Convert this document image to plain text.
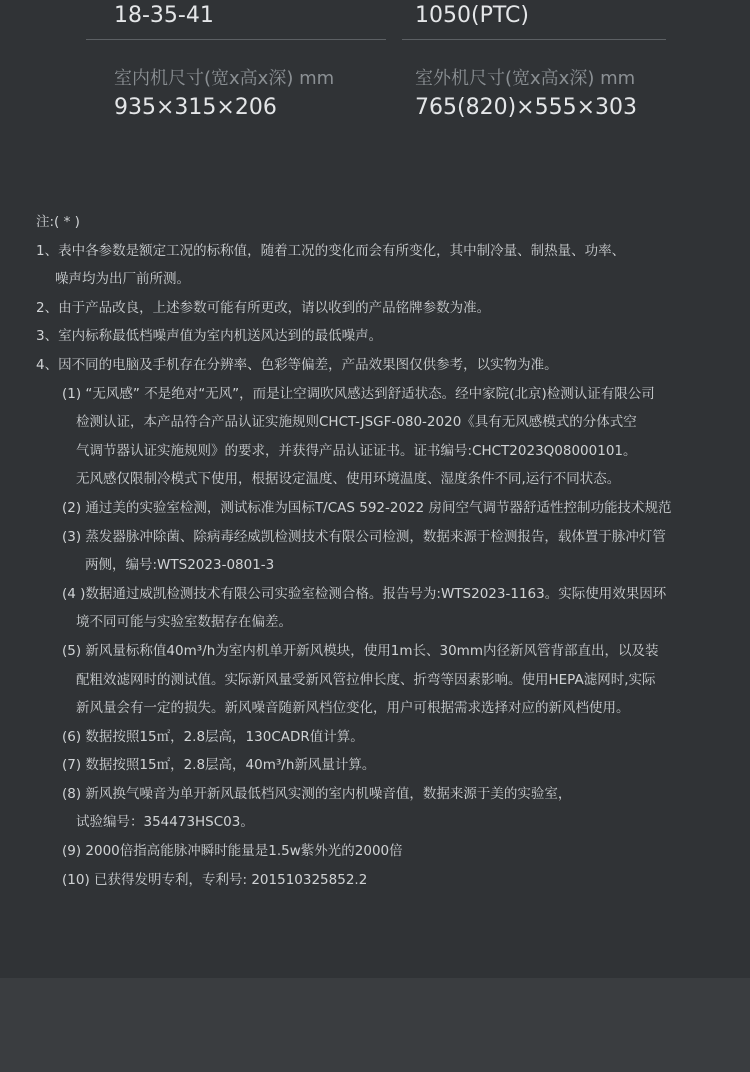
18-35-41	1050(PTC)
室内机尺寸(宽x高x深) mm
935×315×206
室外机尺寸(宽x高x深) mm
765(820)×555×303
注:( * )
1、表中各参数是额定工况的标称值，随着工况的变化而会有所变化，其中制冷量、制热量、功率、
噪声均为出厂前所测。
2、由于产品改良，上述参数可能有所更改，请以收到的产品铭牌参数为准。
3、室内标称最低档噪声值为室内机送风达到的最低噪声。
4、因不同的电脑及手机存在分辨率、色彩等偏差，产品效果图仅供参考，以实物为准。
(1) “无风感” 不是绝对“无风”，而是让空调吹风感达到舒适状态。经中家院(北京)检测认证有限公司
检测认证，本产品符合产品认证实施规则CHCT-JSGF-080-2020《具有无风感模式的分体式空
气调节器认证实施规则》的要求，并获得产品认证证书。证书编号:CHCT2023Q08000101。
无风感仅限制冷模式下使用，根据设定温度、使用环境温度、湿度条件不同,运行不同状态。
(2) 通过美的实验室检测，测试标准为国标T/CAS 592-2022 房间空气调节器舒适性控制功能技术规范
(3) 蒸发器脉冲除菌、除病毒经威凯检测技术有限公司检测，数据来源于检测报告，载体置于脉冲灯管
两侧，编号:WTS2023-0801-3
(4 )数据通过威凯检测技术有限公司实验室检测合格。报告号为:WTS2023-1163。实际使用效果因环
境不同可能与实验室数据存在偏差。
(5) 新风量标称值40m³/h为室内机单开新风模块，使用1m长、30mm内径新风管背部直出，以及装
配粗效滤网时的测试值。实际新风量受新风管拉伸长度、折弯等因素影响。使用HEPA滤网时,实际
新风量会有一定的损失。新风噪音随新风档位变化，用户可根据需求选择对应的新风档使用。
(6) 数据按照15㎡，2.8层高，130CADR值计算。
(7) 数据按照15㎡，2.8层高，40m³/h新风量计算。
(8) 新风换气噪音为单开新风最低档风实测的室内机噪音值，数据来源于美的实验室，
试验编号：354473HSC03。
(9) 2000倍指高能脉冲瞬时能量是1.5w紫外光的2000倍
(10) 已获得发明专利，专利号: 201510325852.2
